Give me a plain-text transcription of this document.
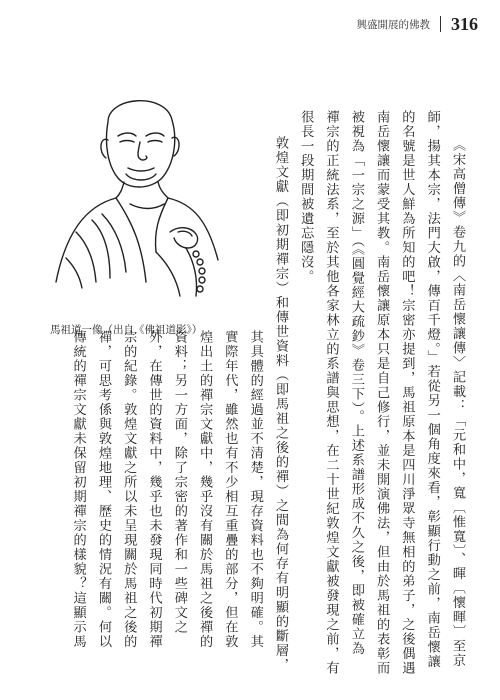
興盛開展的佛教 316
馬祖道一像（出自《佛祖道影》）	《宋高僧傳》卷九的〈南岳懷讓傳〉記載：「元和中，寬〔惟寬〕、暉〔懷暉〕至京
師，揚其本宗，法門大啟，傳百千燈。」若從另一個角度來看，彰顯行動之前，南岳懷讓
的名號是世人鮮為所知的吧！宗密亦提到，馬祖原本是四川淨眾寺無相的弟子，之後偶遇
南岳懷讓而蒙受其教。南岳懷讓原本只是自己修行，並未開演佛法，但由於馬祖的表彰而
被視為「一宗之源」（《圓覺經大疏鈔》卷三下）。上述系譜形成不久之後，即被確立為
禪宗的正統法系，至於其他各家林立的系譜與思想，在二十世紀敦煌文獻被發現之前，有
很長一段期間被遺忘隱沒。
敦煌文獻（即初期禪宗）和傳世資料（即馬祖之後的禪）之間為何存有明顯的斷層，
其具體的經過並不清楚，現存資料也不夠明確。其
實際年代，雖然也有不少相互重疊的部分，但在敦
煌出土的禪宗文獻中，幾乎沒有關於馬祖之後禪的
資料；另一方面，除了宗密的著作和一些碑文之
外，在傳世的資料中，幾乎也未發現同時代初期禪
宗的紀錄。敦煌文獻之所以未呈現關於馬祖之後的
禪，可思考係與敦煌地理、歷史的情況有關。何以
傳統的禪宗文獻未保留初期禪宗的樣貌？這顯示馬
